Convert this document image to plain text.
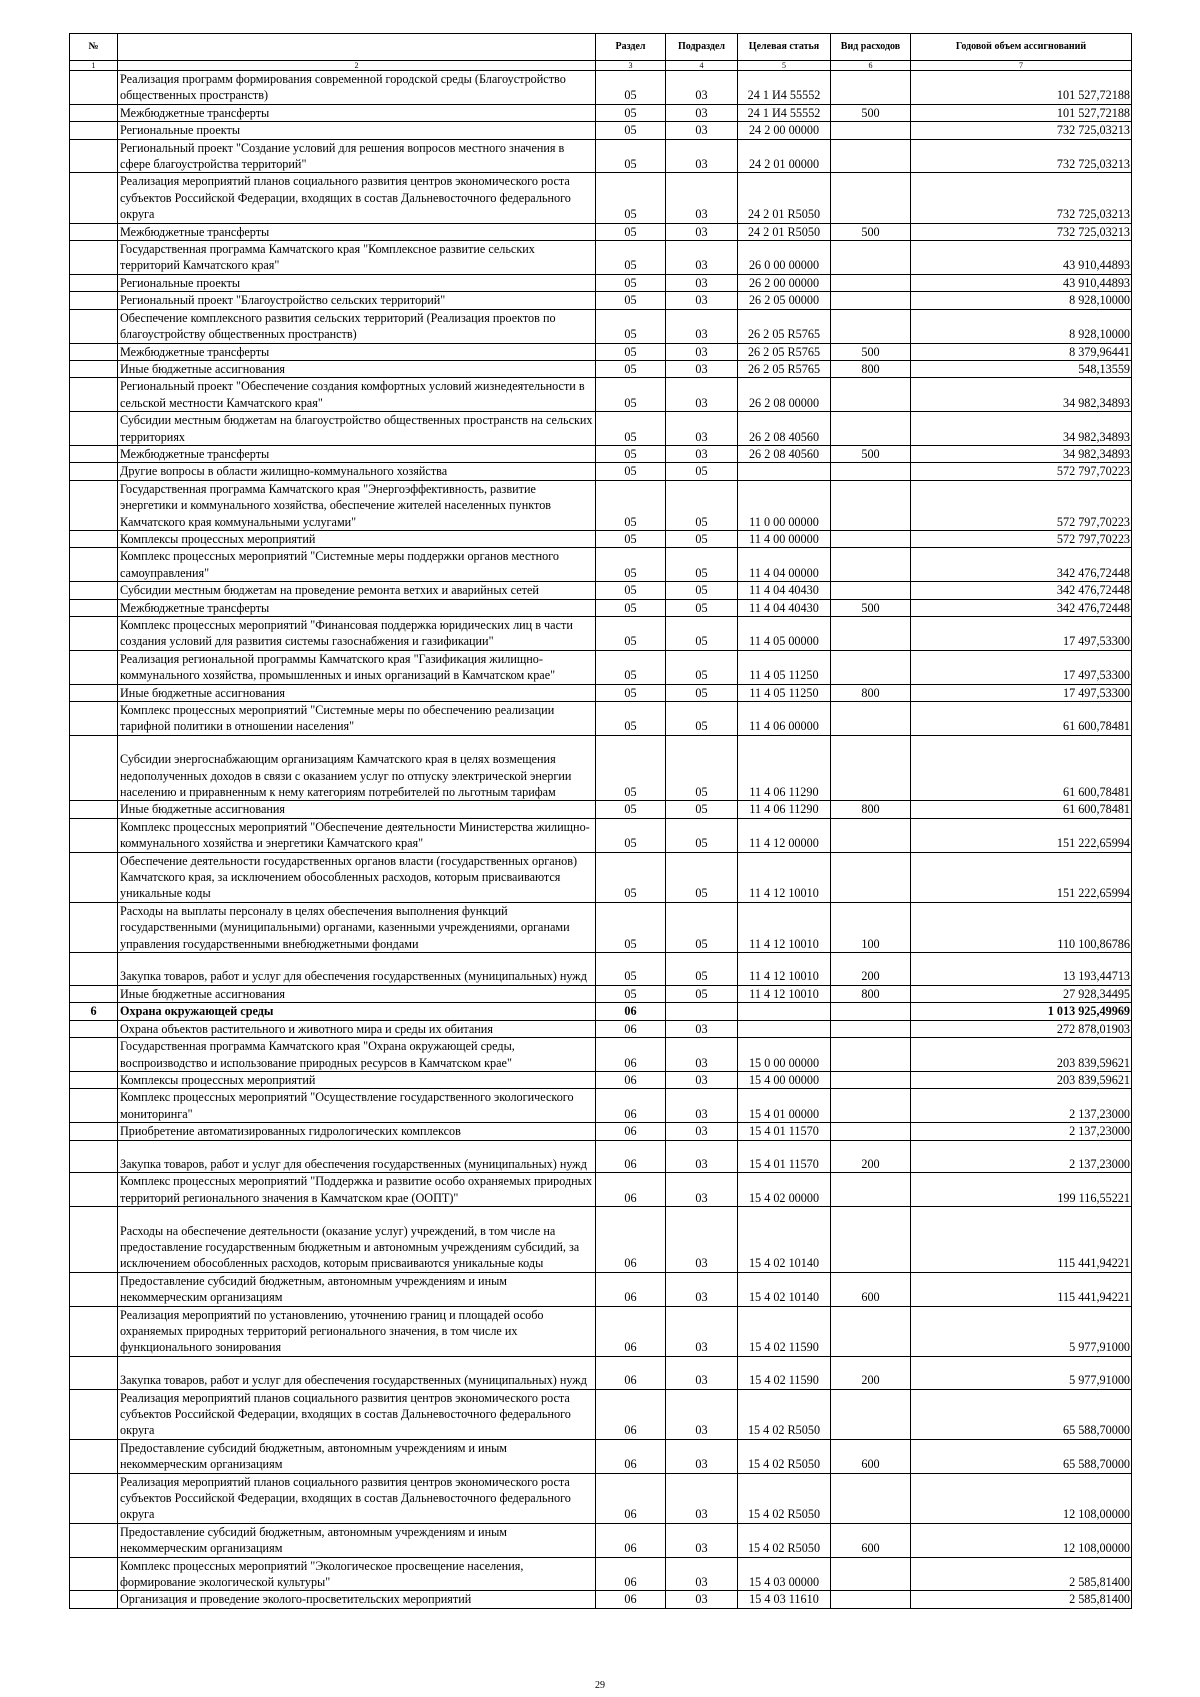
№		Раздел	Подраздел	Целевая статья	Вид расходов	Годовой объем ассигнований
1	2	3	4	5	6	7
	Реализация программ формирования современной городской среды (Благоустройство общественных пространств)	05	03	24 1 И4 55552		101 527,72188
	Межбюджетные трансферты	05	03	24 1 И4 55552	500	101 527,72188
	Региональные проекты	05	03	24 2 00 00000		732 725,03213
	Региональный проект "Создание условий для решения вопросов местного значения в сфере благоустройства территорий"	05	03	24 2 01 00000		732 725,03213
	Реализация мероприятий планов социального развития центров экономического роста субъектов Российской Федерации, входящих в состав Дальневосточного федерального округа	05	03	24 2 01 R5050		732 725,03213
	Межбюджетные трансферты	05	03	24 2 01 R5050	500	732 725,03213
	Государственная программа Камчатского края "Комплексное развитие сельских территорий Камчатского края"	05	03	26 0 00 00000		43 910,44893
	Региональные проекты	05	03	26 2 00 00000		43 910,44893
	Региональный проект "Благоустройство сельских территорий"	05	03	26 2 05 00000		8 928,10000
	Обеспечение комплексного развития сельских территорий (Реализация проектов по благоустройству общественных пространств)	05	03	26 2 05 R5765		8 928,10000
	Межбюджетные трансферты	05	03	26 2 05 R5765	500	8 379,96441
	Иные бюджетные ассигнования	05	03	26 2 05 R5765	800	548,13559
	Региональный проект "Обеспечение создания комфортных условий жизнедеятельности в сельской местности Камчатского края"	05	03	26 2 08 00000		34 982,34893
	Субсидии местным бюджетам на благоустройство общественных пространств на сельских территориях	05	03	26 2 08 40560		34 982,34893
	Межбюджетные трансферты	05	03	26 2 08 40560	500	34 982,34893
	Другие вопросы в области жилищно-коммунального хозяйства	05	05			572 797,70223
	Государственная программа Камчатского края "Энергоэффективность, развитие энергетики и коммунального хозяйства, обеспечение жителей населенных пунктов Камчатского края коммунальными услугами"	05	05	11 0 00 00000		572 797,70223
	Комплексы процессных мероприятий	05	05	11 4 00 00000		572 797,70223
	Комплекс процессных мероприятий "Системные меры поддержки органов местного самоуправления"	05	05	11 4 04 00000		342 476,72448
	Субсидии местным бюджетам на проведение ремонта ветхих и аварийных сетей	05	05	11 4 04 40430		342 476,72448
	Межбюджетные трансферты	05	05	11 4 04 40430	500	342 476,72448
	Комплекс процессных мероприятий "Финансовая поддержка юридических лиц в части создания условий для развития системы газоснабжения и газификации"	05	05	11 4 05 00000		17 497,53300
	Реализация региональной программы Камчатского края "Газификация жилищно-коммунального хозяйства, промышленных и иных организаций в Камчатском крае"	05	05	11 4 05 11250		17 497,53300
	Иные бюджетные ассигнования	05	05	11 4 05 11250	800	17 497,53300
	Комплекс процессных мероприятий "Системные меры по обеспечению реализации тарифной политики в отношении населения"	05	05	11 4 06 00000		61 600,78481
	Субсидии энергоснабжающим организациям Камчатского края в целях возмещения недополученных доходов в связи с оказанием услуг по отпуску электрической энергии населению и приравненным к нему категориям потребителей по льготным тарифам	05	05	11 4 06 11290		61 600,78481
	Иные бюджетные ассигнования	05	05	11 4 06 11290	800	61 600,78481
	Комплекс процессных мероприятий "Обеспечение деятельности Министерства жилищно-коммунального хозяйства и энергетики Камчатского края"	05	05	11 4 12 00000		151 222,65994
	Обеспечение деятельности государственных органов власти (государственных органов) Камчатского края, за исключением обособленных расходов, которым присваиваются уникальные коды	05	05	11 4 12 10010		151 222,65994
	Расходы на выплаты персоналу в целях обеспечения выполнения функций государственными (муниципальными) органами, казенными учреждениями, органами управления государственными внебюджетными фондами	05	05	11 4 12 10010	100	110 100,86786
	Закупка товаров, работ и услуг для обеспечения государственных (муниципальных) нужд	05	05	11 4 12 10010	200	13 193,44713
	Иные бюджетные ассигнования	05	05	11 4 12 10010	800	27 928,34495
6	Охрана окружающей среды	06				1 013 925,49969
	Охрана объектов растительного и животного мира и среды их обитания	06	03			272 878,01903
	Государственная программа Камчатского края "Охрана окружающей среды, воспроизводство и использование природных ресурсов в Камчатском крае"	06	03	15 0 00 00000		203 839,59621
	Комплексы процессных мероприятий	06	03	15 4 00 00000		203 839,59621
	Комплекс процессных мероприятий "Осуществление государственного экологического мониторинга"	06	03	15 4 01 00000		2 137,23000
	Приобретение автоматизированных гидрологических комплексов	06	03	15 4 01 11570		2 137,23000
	Закупка товаров, работ и услуг для обеспечения государственных (муниципальных) нужд	06	03	15 4 01 11570	200	2 137,23000
	Комплекс процессных мероприятий "Поддержка и развитие особо охраняемых природных территорий регионального значения в Камчатском крае (ООПТ)"	06	03	15 4 02 00000		199 116,55221
	Расходы на обеспечение деятельности (оказание услуг) учреждений, в том числе на предоставление государственным бюджетным и автономным учреждениям субсидий, за исключением обособленных расходов, которым присваиваются уникальные коды	06	03	15 4 02 10140		115 441,94221
	Предоставление субсидий бюджетным, автономным учреждениям и иным некоммерческим организациям	06	03	15 4 02 10140	600	115 441,94221
	Реализация мероприятий по установлению, уточнению границ и площадей особо охраняемых природных территорий регионального значения, в том числе их функционального зонирования	06	03	15 4 02 11590		5 977,91000
	Закупка товаров, работ и услуг для обеспечения государственных (муниципальных) нужд	06	03	15 4 02 11590	200	5 977,91000
	Реализация мероприятий планов социального развития центров экономического роста субъектов Российской Федерации, входящих в состав Дальневосточного федерального округа	06	03	15 4 02 R5050		65 588,70000
	Предоставление субсидий бюджетным, автономным учреждениям и иным некоммерческим организациям	06	03	15 4 02 R5050	600	65 588,70000
	Реализация мероприятий планов социального развития центров экономического роста субъектов Российской Федерации, входящих в состав Дальневосточного федерального округа	06	03	15 4 02 R5050		12 108,00000
	Предоставление субсидий бюджетным, автономным учреждениям и иным некоммерческим организациям	06	03	15 4 02 R5050	600	12 108,00000
	Комплекс процессных мероприятий "Экологическое просвещение населения, формирование экологической культуры"	06	03	15 4 03 00000		2 585,81400
	Организация и проведение эколого-просветительских мероприятий	06	03	15 4 03 11610		2 585,81400
29
